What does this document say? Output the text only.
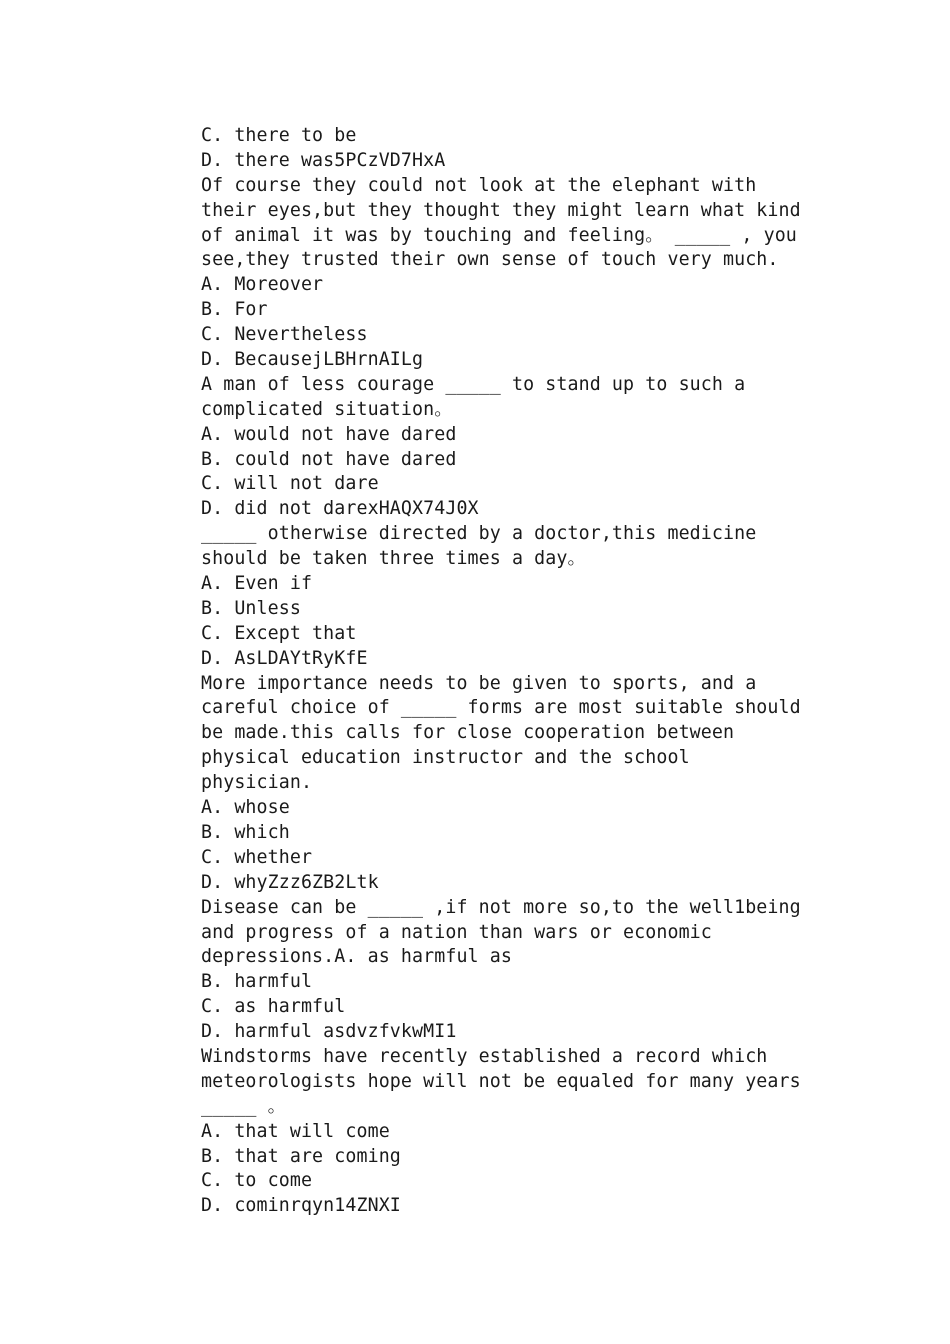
C. there to be
D. there was5PCzVD7HxA
Of course they could not look at the elephant with
their eyes,but they thought they might learn what kind
of animal it was by touching and feeling。 _____ , you
see,they trusted their own sense of touch very much.
A. Moreover
B. For
C. Nevertheless
D. BecausejLBHrnAILg
A man of less courage _____ to stand up to such a
complicated situation。
A. would not have dared
B. could not have dared
C. will not dare
D. did not darexHAQX74J0X
_____ otherwise directed by a doctor,this medicine
should be taken three times a day。
A. Even if
B. Unless
C. Except that
D. AsLDAYtRyKfE
More importance needs to be given to sports, and a
careful choice of _____ forms are most suitable should
be made.this calls for close cooperation between
physical education instructor and the school
physician.
A. whose
B. which
C. whether
D. whyZzz6ZB2Ltk
Disease can be _____ ,if not more so,to the well1being
and progress of a nation than wars or economic
depressions.A. as harmful as
B. harmful
C. as harmful
D. harmful asdvzfvkwMI1
Windstorms have recently established a record which
meteorologists hope will not be equaled for many years
_____ 。
A. that will come
B. that are coming
C. to come
D. cominrqyn14ZNXI
